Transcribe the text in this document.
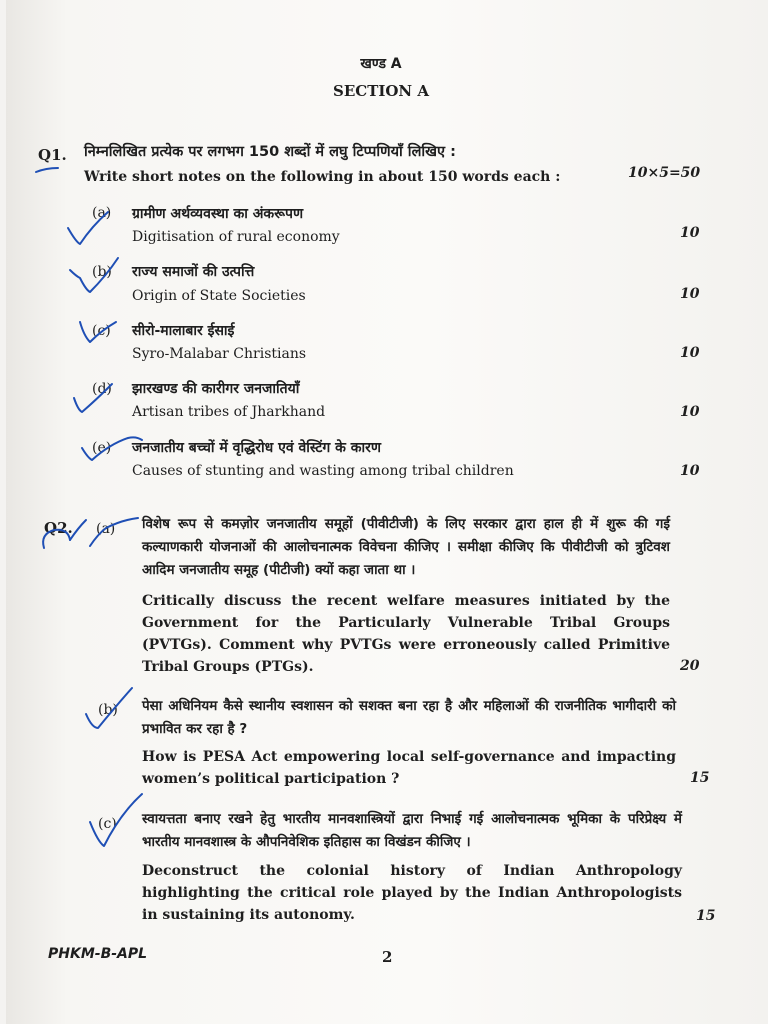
खण्ड A
SECTION A
Q1. निम्नलिखित प्रत्येक पर लगभग 150 शब्दों में लघु टिप्पणियाँ लिखिए :
Write short notes on the following in about 150 words each :	10×5=50
(a) ग्रामीण अर्थव्यवस्था का अंकरूपण
Digitisation of rural economy	10
(b) राज्य समाजों की उत्पत्ति
Origin of State Societies	10
(c) सीरो-मालाबार ईसाई
Syro-Malabar Christians	10
(d) झारखण्ड की कारीगर जनजातियाँ
Artisan tribes of Jharkhand	10
(e) जनजातीय बच्चों में वृद्धिरोध एवं वेस्टिंग के कारण
Causes of stunting and wasting among tribal children	10
Q2. (a) विशेष रूप से कमज़ोर जनजातीय समूहों (पीवीटीजी) के लिए सरकार द्वारा हाल ही में शुरू की गई कल्याणकारी योजनाओं की आलोचनात्मक विवेचना कीजिए । समीक्षा कीजिए कि पीवीटीजी को त्रुटिवश आदिम जनजातीय समूह (पीटीजी) क्यों कहा जाता था ।
Critically discuss the recent welfare measures initiated by the Government for the Particularly Vulnerable Tribal Groups (PVTGs). Comment why PVTGs were erroneously called Primitive Tribal Groups (PTGs).	20
(b) पेसा अधिनियम कैसे स्थानीय स्वशासन को सशक्त बना रहा है और महिलाओं की राजनीतिक भागीदारी को प्रभावित कर रहा है ?
How is PESA Act empowering local self-governance and impacting women’s political participation ?	15
(c) स्वायत्तता बनाए रखने हेतु भारतीय मानवशास्त्रियों द्वारा निभाई गई आलोचनात्मक भूमिका के परिप्रेक्ष्य में भारतीय मानवशास्त्र के औपनिवेशिक इतिहास का विखंडन कीजिए ।
Deconstruct the colonial history of Indian Anthropology highlighting the critical role played by the Indian Anthropologists in sustaining its autonomy.	15
PHKM-B-APL	2
